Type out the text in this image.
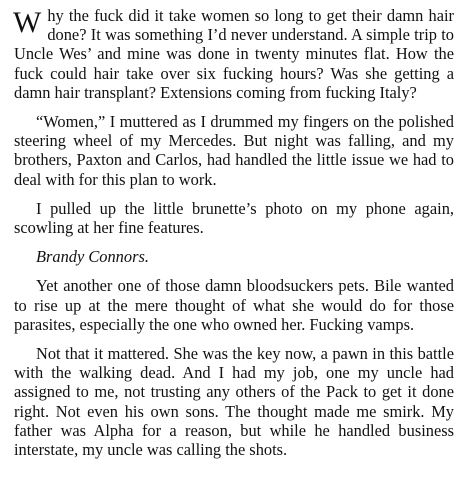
Why the fuck did it take women so long to get their damn hair done? It was something I’d never understand. A simple trip to Uncle Wes’ and mine was done in twenty minutes flat. How the fuck could hair take over six fucking hours? Was she getting a damn hair transplant? Extensions coming from fucking Italy?

“Women,” I muttered as I drummed my fingers on the polished steering wheel of my Mercedes. But night was falling, and my brothers, Paxton and Carlos, had handled the little issue we had to deal with for this plan to work.

I pulled up the little brunette’s photo on my phone again, scowling at her fine features.

Brandy Connors.

Yet another one of those damn bloodsuckers pets. Bile wanted to rise up at the mere thought of what she would do for those parasites, especially the one who owned her. Fucking vamps.

Not that it mattered. She was the key now, a pawn in this battle with the walking dead. And I had my job, one my uncle had assigned to me, not trusting any others of the Pack to get it done right. Not even his own sons. The thought made me smirk. My father was Alpha for a reason, but while he handled business interstate, my uncle was calling the shots.
